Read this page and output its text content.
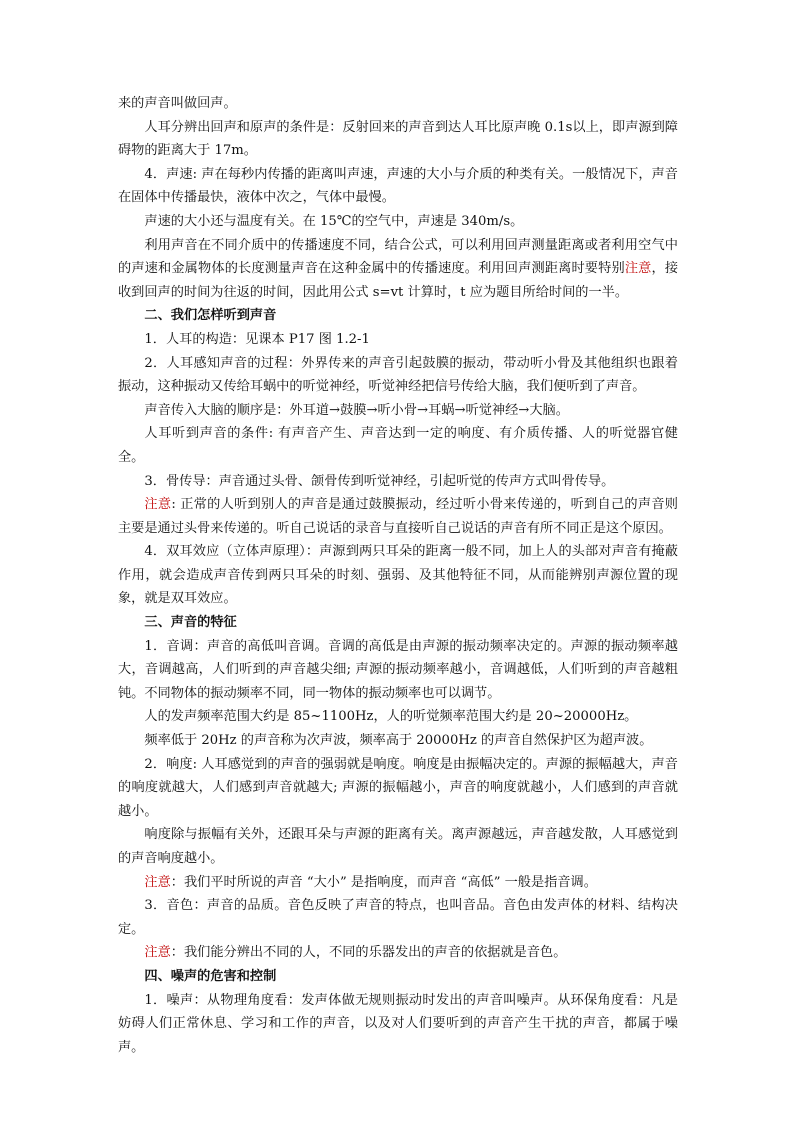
来的声音叫做回声。

人耳分辨出回声和原声的条件是：反射回来的声音到达人耳比原声晚 0.1s以上，即声源到障碍物的距离大于 17m。

4．声速: 声在每秒内传播的距离叫声速，声速的大小与介质的种类有关。一般情况下，声音在固体中传播最快，液体中次之，气体中最慢。

声速的大小还与温度有关。在 15℃的空气中，声速是 340m/s。

利用声音在不同介质中的传播速度不同，结合公式，可以利用回声测量距离或者利用空气中的声速和金属物体的长度测量声音在这种金属中的传播速度。利用回声测距离时要特别注意，接收到回声的时间为往返的时间，因此用公式 s=vt 计算时，t 应为题目所给时间的一半。

二、我们怎样听到声音

1．人耳的构造：见课本 P17 图 1.2-1

2．人耳感知声音的过程：外界传来的声音引起鼓膜的振动，带动听小骨及其他组织也跟着振动，这种振动又传给耳蜗中的听觉神经，听觉神经把信号传给大脑，我们便听到了声音。

声音传入大脑的顺序是：外耳道→鼓膜→听小骨→耳蜗→听觉神经→大脑。

人耳听到声音的条件: 有声音产生、声音达到一定的响度、有介质传播、人的听觉器官健全。

3．骨传导：声音通过头骨、颌骨传到听觉神经，引起听觉的传声方式叫骨传导。

注意: 正常的人听到别人的声音是通过鼓膜振动，经过听小骨来传递的，听到自己的声音则主要是通过头骨来传递的。听自己说话的录音与直接听自己说话的声音有所不同正是这个原因。

4．双耳效应（立体声原理）：声源到两只耳朵的距离一般不同，加上人的头部对声音有掩蔽作用，就会造成声音传到两只耳朵的时刻、强弱、及其他特征不同，从而能辨别声源位置的现象，就是双耳效应。

三、声音的特征

1．音调：声音的高低叫音调。音调的高低是由声源的振动频率决定的。声源的振动频率越大，音调越高，人们听到的声音越尖细; 声源的振动频率越小，音调越低，人们听到的声音越粗钝。不同物体的振动频率不同，同一物体的振动频率也可以调节。

人的发声频率范围大约是 85~1100Hz，人的听觉频率范围大约是 20~20000Hz。

频率低于 20Hz 的声音称为次声波，频率高于 20000Hz 的声音自然保护区为超声波。

2．响度: 人耳感觉到的声音的强弱就是响度。响度是由振幅决定的。声源的振幅越大，声音的响度就越大，人们感到声音就越大; 声源的振幅越小，声音的响度就越小，人们感到的声音就越小。

响度除与振幅有关外，还跟耳朵与声源的距离有关。离声源越远，声音越发散，人耳感觉到的声音响度越小。

注意：我们平时所说的声音 “大小” 是指响度，而声音 “高低” 一般是指音调。

3．音色：声音的品质。音色反映了声音的特点，也叫音品。音色由发声体的材料、结构决定。

注意：我们能分辨出不同的人，不同的乐器发出的声音的依据就是音色。

四、噪声的危害和控制

1．噪声：从物理角度看：发声体做无规则振动时发出的声音叫噪声。从环保角度看：凡是妨碍人们正常休息、学习和工作的声音，以及对人们要听到的声音产生干扰的声音，都属于噪声。
